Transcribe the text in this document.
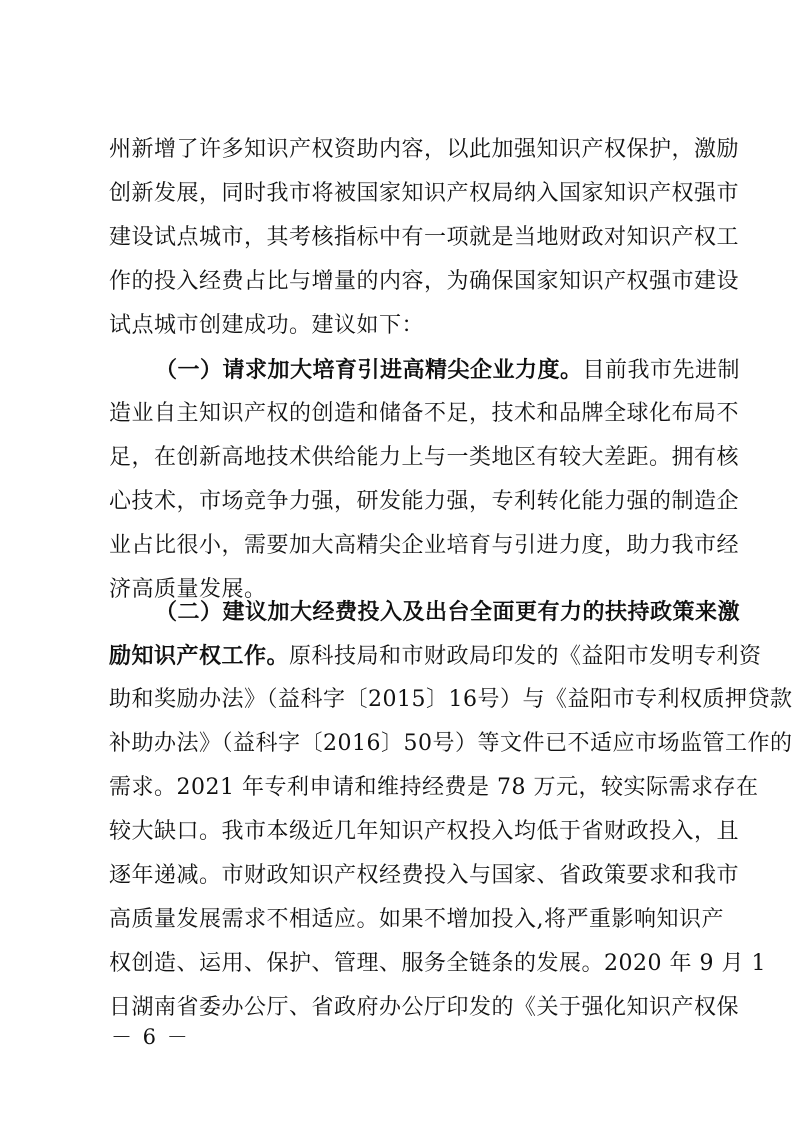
州新增了许多知识产权资助内容，以此加强知识产权保护，激励
创新发展，同时我市将被国家知识产权局纳入国家知识产权强市
建设试点城市，其考核指标中有一项就是当地财政对知识产权工
作的投入经费占比与增量的内容，为确保国家知识产权强市建设
试点城市创建成功。建议如下：
（一）请求加大培育引进高精尖企业力度。目前我市先进制
造业自主知识产权的创造和储备不足，技术和品牌全球化布局不
足，在创新高地技术供给能力上与一类地区有较大差距。拥有核
心技术，市场竞争力强，研发能力强，专利转化能力强的制造企
业占比很小，需要加大高精尖企业培育与引进力度，助力我市经
济高质量发展。
（二）建议加大经费投入及出台全面更有力的扶持政策来激
励知识产权工作。原科技局和市财政局印发的《益阳市发明专利资
助和奖励办法》（益科字〔2015〕16号）与《益阳市专利权质押贷款
补助办法》（益科字〔2016〕50号）等文件已不适应市场监管工作的
需求。2021 年专利申请和维持经费是 78 万元，较实际需求存在
较大缺口。我市本级近几年知识产权投入均低于省财政投入，且
逐年递减。市财政知识产权经费投入与国家、省政策要求和我市
高质量发展需求不相适应。如果不增加投入,将严重影响知识产
权创造、运用、保护、管理、服务全链条的发展。2020 年 9 月 1
日湖南省委办公厅、省政府办公厅印发的《关于强化知识产权保
－ 6 －
